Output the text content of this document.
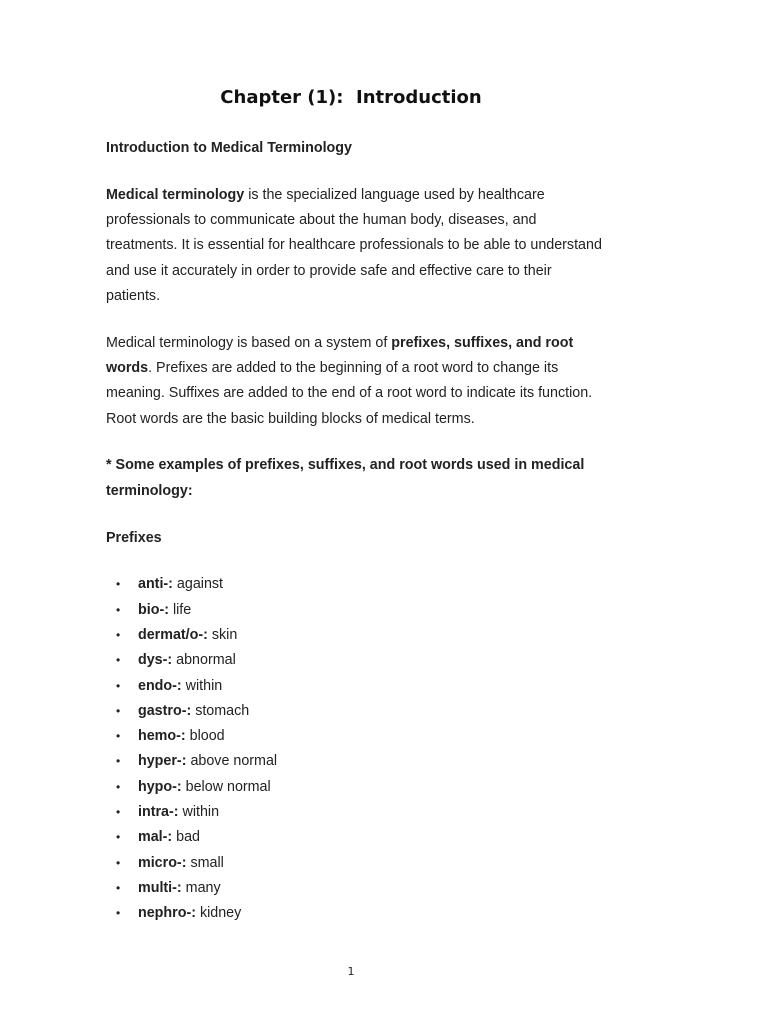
Chapter (1):  Introduction

Introduction to Medical Terminology

Medical terminology is the specialized language used by healthcare professionals to communicate about the human body, diseases, and treatments. It is essential for healthcare professionals to be able to understand and use it accurately in order to provide safe and effective care to their patients.

Medical terminology is based on a system of prefixes, suffixes, and root words. Prefixes are added to the beginning of a root word to change its meaning. Suffixes are added to the end of a root word to indicate its function. Root words are the basic building blocks of medical terms.

* Some examples of prefixes, suffixes, and root words used in medical terminology:

Prefixes

• anti-: against
• bio-: life
• dermat/o-: skin
• dys-: abnormal
• endo-: within
• gastro-: stomach
• hemo-: blood
• hyper-: above normal
• hypo-: below normal
• intra-: within
• mal-: bad
• micro-: small
• multi-: many
• nephro-: kidney
1
